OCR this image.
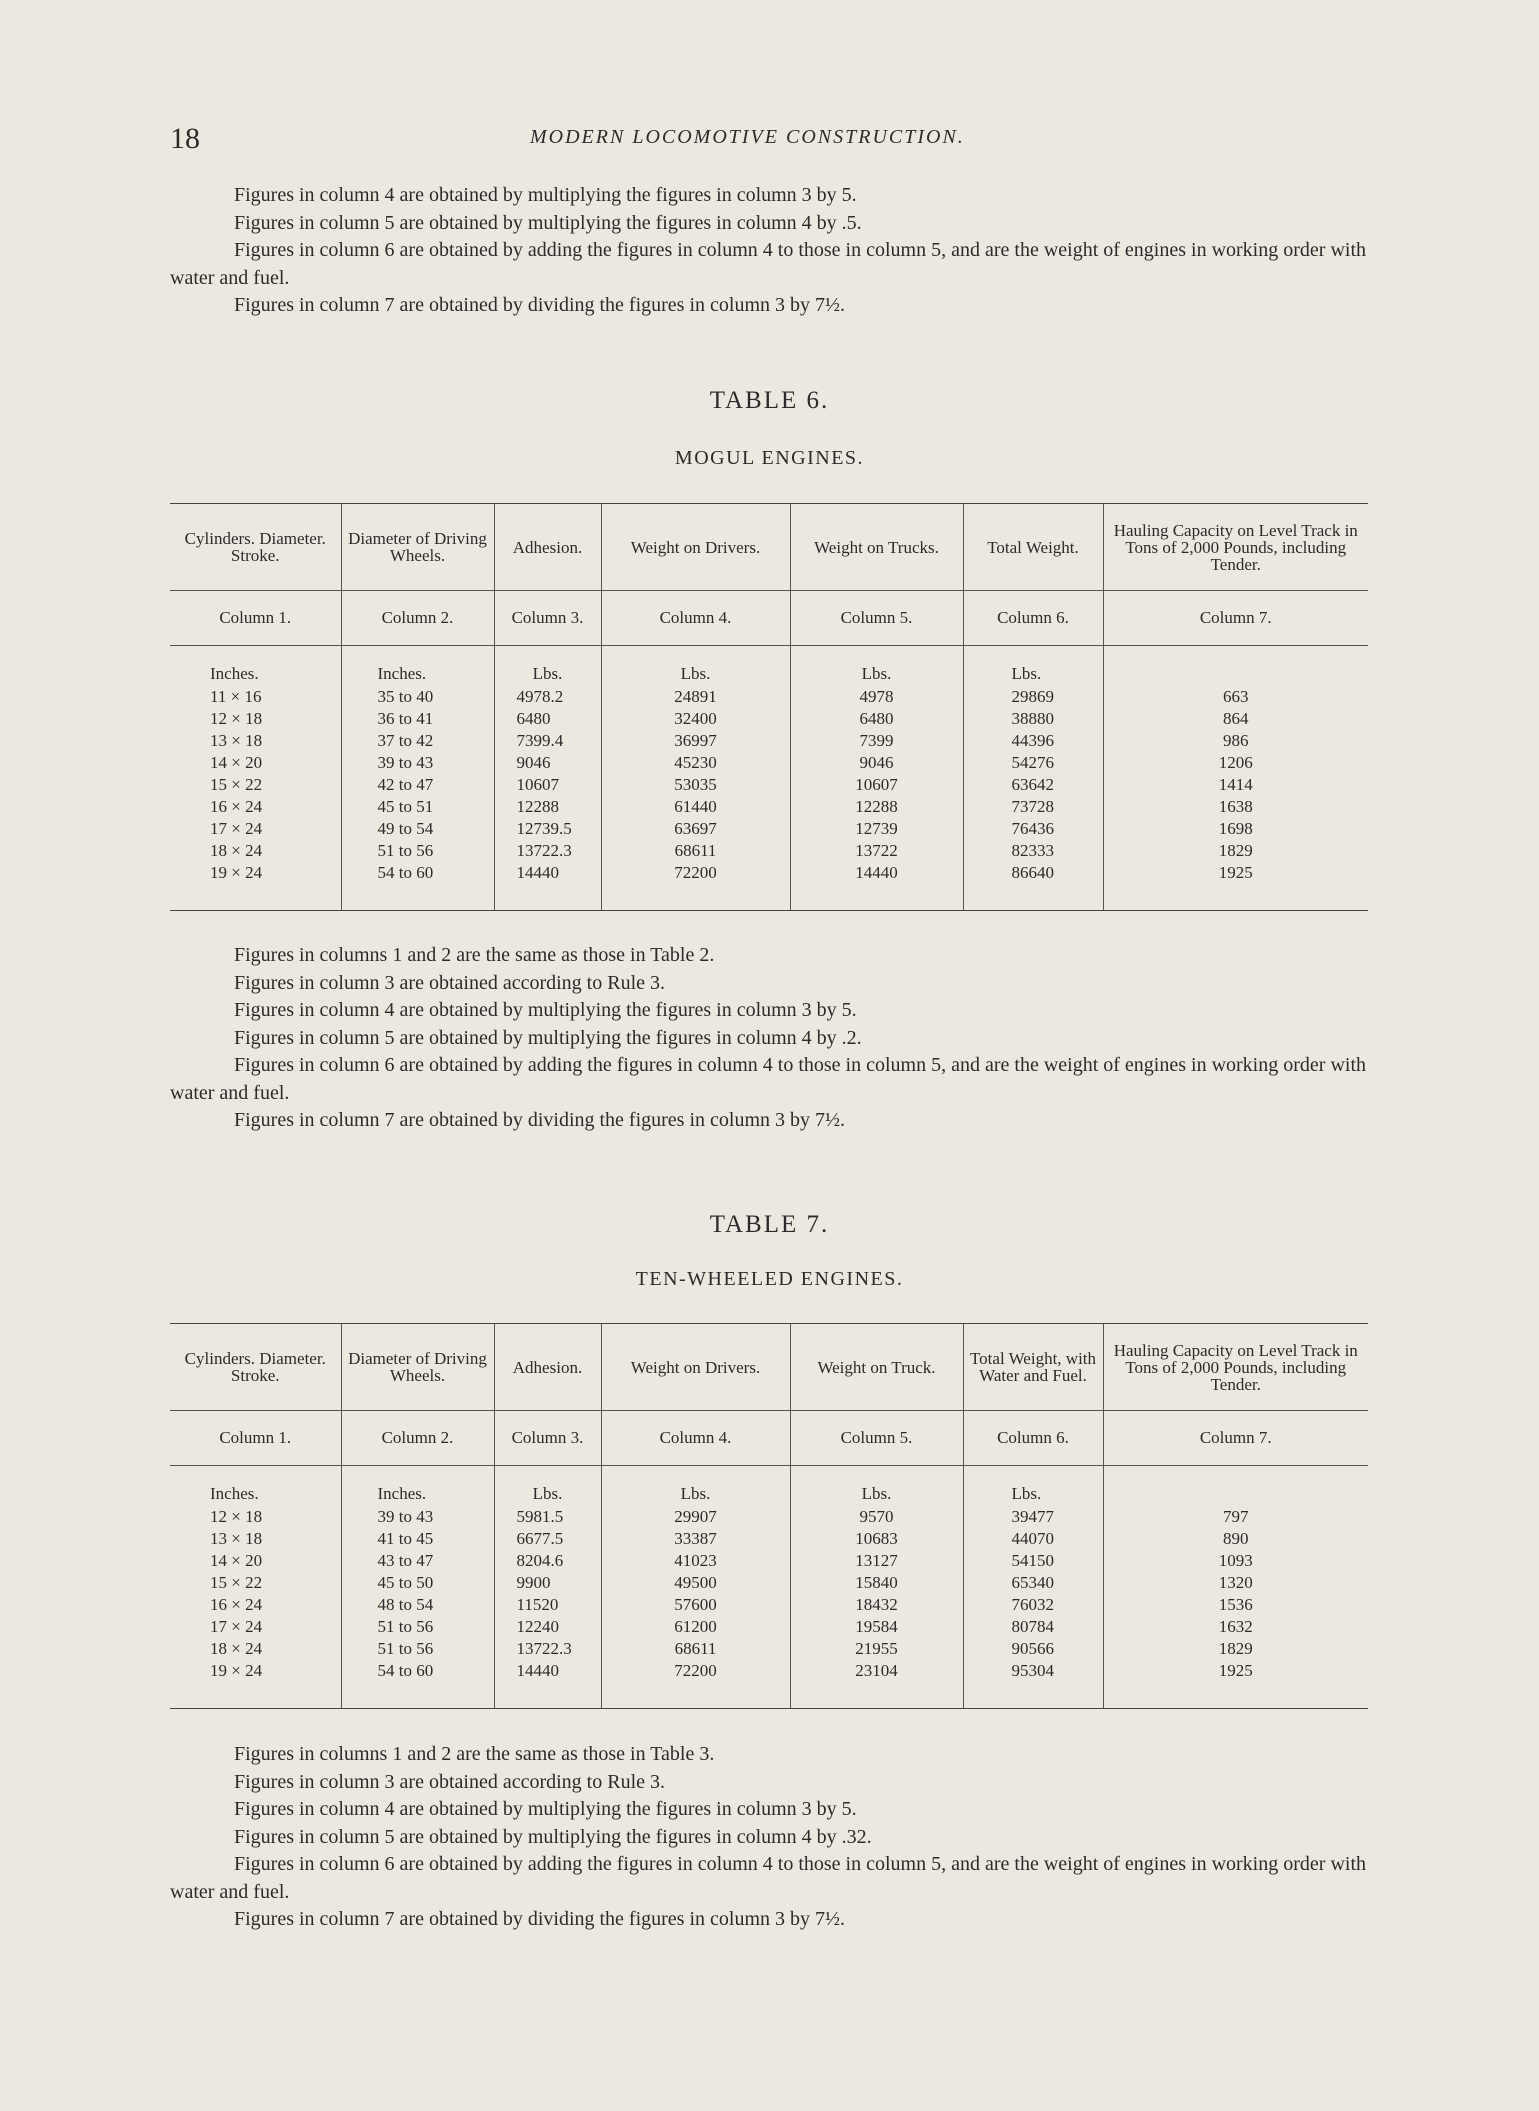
18	MODERN LOCOMOTIVE CONSTRUCTION.

Figures in column 4 are obtained by multiplying the figures in column 3 by 5.

Figures in column 5 are obtained by multiplying the figures in column 4 by .5.

Figures in column 6 are obtained by adding the figures in column 4 to those in column 5, and are the weight of engines in working order with water and fuel.

Figures in column 7 are obtained by dividing the figures in column 3 by 7½.

TABLE 6.
MOGUL ENGINES.
Cylinders. Diameter. Stroke.	Diameter of Driving Wheels.	Adhesion.	Weight on Drivers.	Weight on Trucks.	Total Weight.	Hauling Capacity on Level Track in Tons of 2,000 Pounds, including Tender.
Column 1.	Column 2.	Column 3.	Column 4.	Column 5.	Column 6.	Column 7.
Inches.	Inches.	Lbs.	Lbs.	Lbs.	Lbs.	
11 × 16	35 to 40	4978.2	24891	4978	29869	663
12 × 18	36 to 41	6480	32400	6480	38880	864
13 × 18	37 to 42	7399.4	36997	7399	44396	986
14 × 20	39 to 43	9046	45230	9046	54276	1206
15 × 22	42 to 47	10607	53035	10607	63642	1414
16 × 24	45 to 51	12288	61440	12288	73728	1638
17 × 24	49 to 54	12739.5	63697	12739	76436	1698
18 × 24	51 to 56	13722.3	68611	13722	82333	1829
19 × 24	54 to 60	14440	72200	14440	86640	1925

Figures in columns 1 and 2 are the same as those in Table 2.

Figures in column 3 are obtained according to Rule 3.

Figures in column 4 are obtained by multiplying the figures in column 3 by 5.

Figures in column 5 are obtained by multiplying the figures in column 4 by .2.

Figures in column 6 are obtained by adding the figures in column 4 to those in column 5, and are the weight of engines in working order with water and fuel.

Figures in column 7 are obtained by dividing the figures in column 3 by 7½.

TABLE 7.
TEN-WHEELED ENGINES.
Cylinders. Diameter. Stroke.	Diameter of Driving Wheels.	Adhesion.	Weight on Drivers.	Weight on Truck.	Total Weight, with Water and Fuel.	Hauling Capacity on Level Track in Tons of 2,000 Pounds, including Tender.
Column 1.	Column 2.	Column 3.	Column 4.	Column 5.	Column 6.	Column 7.
Inches.	Inches.	Lbs.	Lbs.	Lbs.	Lbs.	
12 × 18	39 to 43	5981.5	29907	9570	39477	797
13 × 18	41 to 45	6677.5	33387	10683	44070	890
14 × 20	43 to 47	8204.6	41023	13127	54150	1093
15 × 22	45 to 50	9900	49500	15840	65340	1320
16 × 24	48 to 54	11520	57600	18432	76032	1536
17 × 24	51 to 56	12240	61200	19584	80784	1632
18 × 24	51 to 56	13722.3	68611	21955	90566	1829
19 × 24	54 to 60	14440	72200	23104	95304	1925

Figures in columns 1 and 2 are the same as those in Table 3.

Figures in column 3 are obtained according to Rule 3.

Figures in column 4 are obtained by multiplying the figures in column 3 by 5.

Figures in column 5 are obtained by multiplying the figures in column 4 by .32.

Figures in column 6 are obtained by adding the figures in column 4 to those in column 5, and are the weight of engines in working order with water and fuel.

Figures in column 7 are obtained by dividing the figures in column 3 by 7½.
